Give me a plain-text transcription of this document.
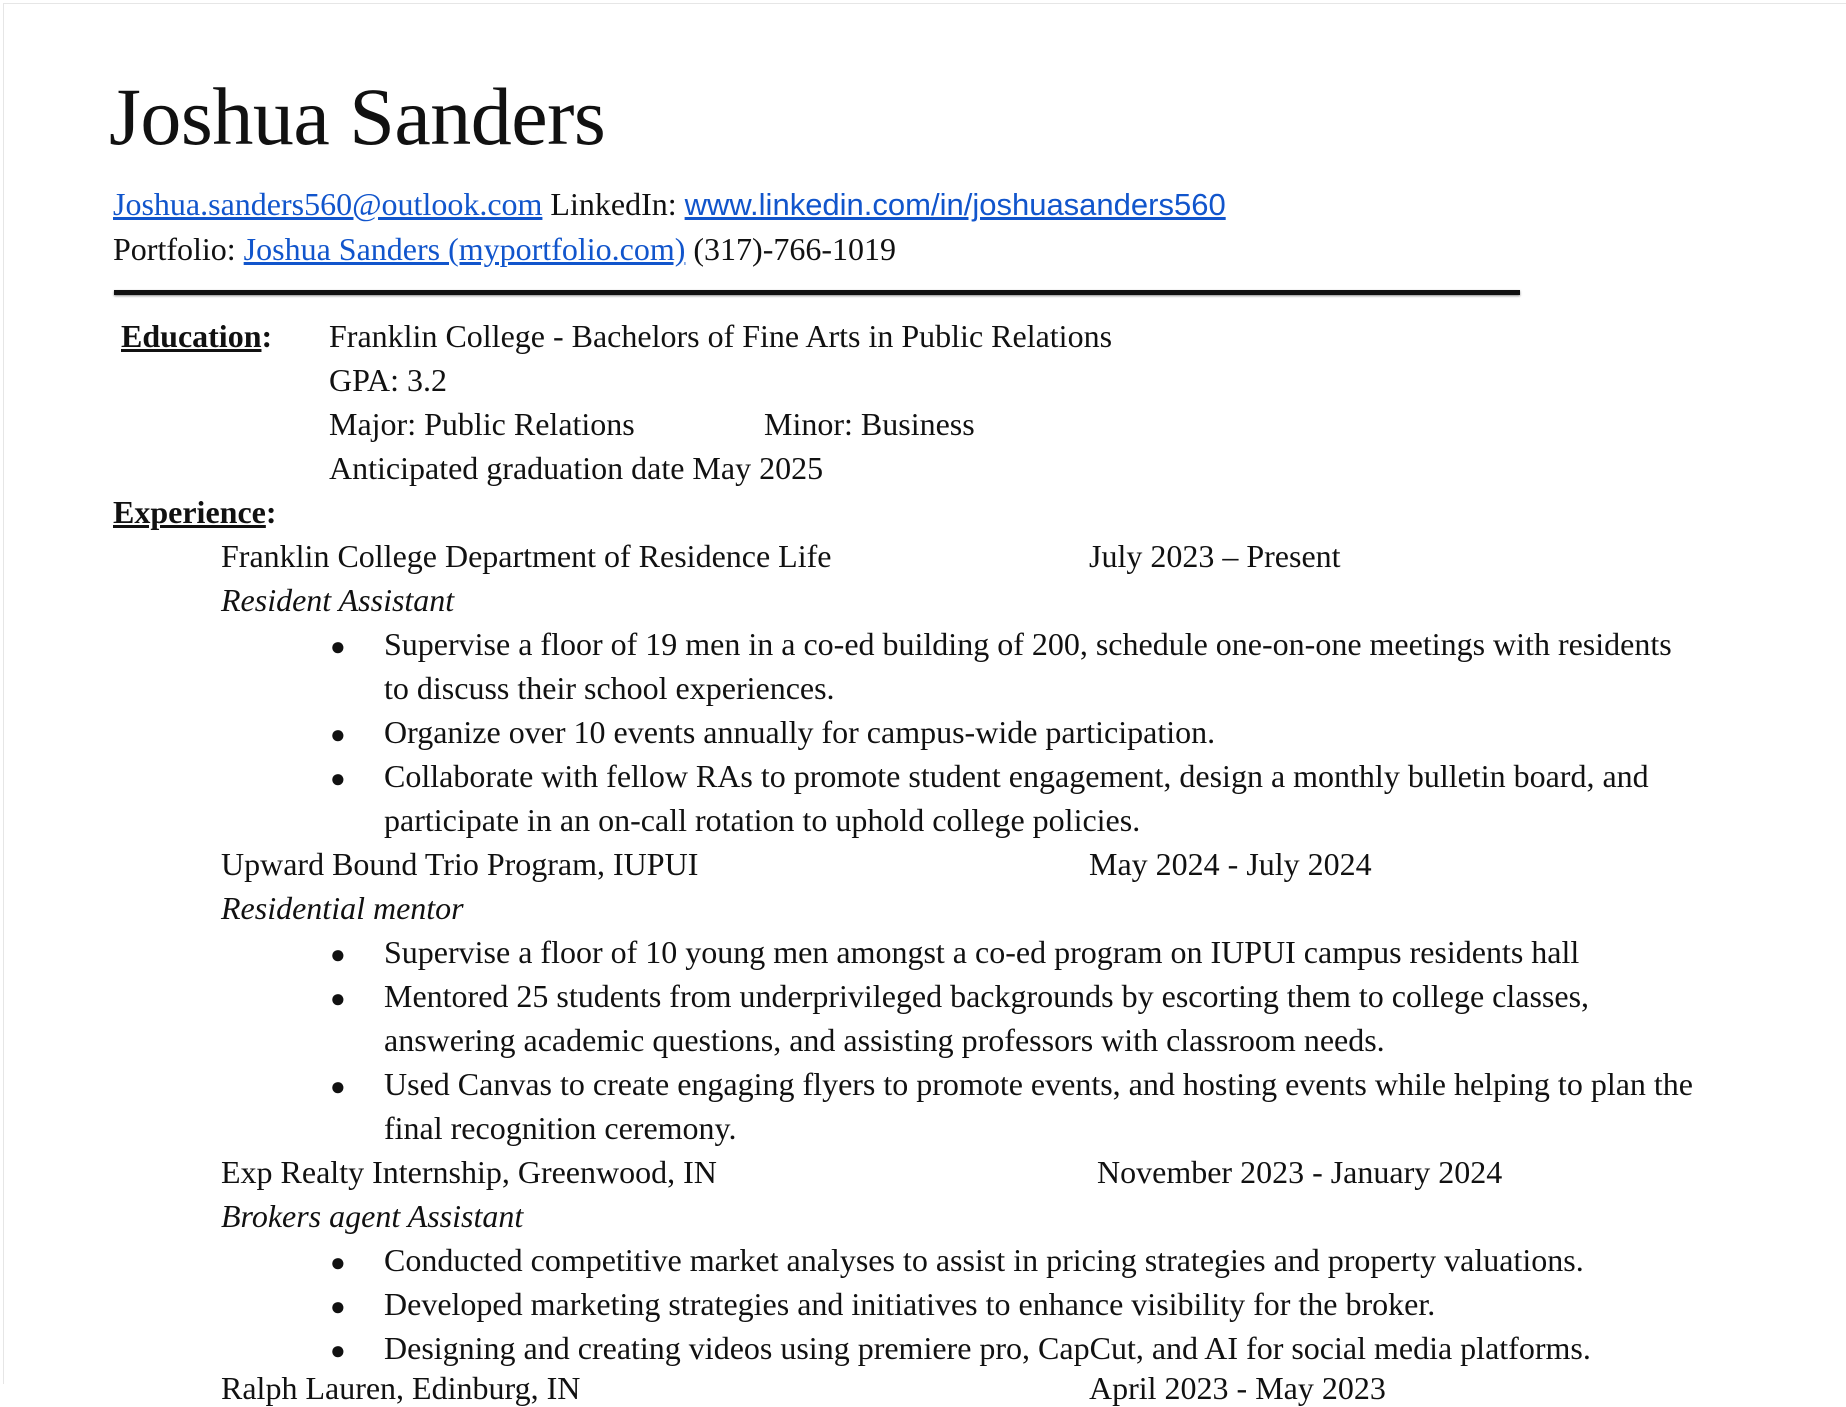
Joshua Sanders
Joshua.sanders560@outlook.com LinkedIn: www.linkedin.com/in/joshuasanders560
Portfolio: Joshua Sanders (myportfolio.com) (317)-766-1019
Education: Franklin College - Bachelors of Fine Arts in Public Relations
GPA: 3.2
Major: Public Relations	Minor: Business
Anticipated graduation date May 2025
Experience:
Franklin College Department of Residence Life	July 2023 – Present
Resident Assistant
● Supervise a floor of 19 men in a co-ed building of 200, schedule one-on-one meetings with residents
to discuss their school experiences.
● Organize over 10 events annually for campus-wide participation.
● Collaborate with fellow RAs to promote student engagement, design a monthly bulletin board, and
participate in an on-call rotation to uphold college policies.
Upward Bound Trio Program, IUPUI	May 2024 - July 2024
Residential mentor
● Supervise a floor of 10 young men amongst a co-ed program on IUPUI campus residents hall
● Mentored 25 students from underprivileged backgrounds by escorting them to college classes,
answering academic questions, and assisting professors with classroom needs.
● Used Canvas to create engaging flyers to promote events, and hosting events while helping to plan the
final recognition ceremony.
Exp Realty Internship, Greenwood, IN	November 2023 - January 2024
Brokers agent Assistant
● Conducted competitive market analyses to assist in pricing strategies and property valuations.
● Developed marketing strategies and initiatives to enhance visibility for the broker.
● Designing and creating videos using premiere pro, CapCut, and AI for social media platforms.
Ralph Lauren, Edinburg, IN	April 2023 - May 2023
